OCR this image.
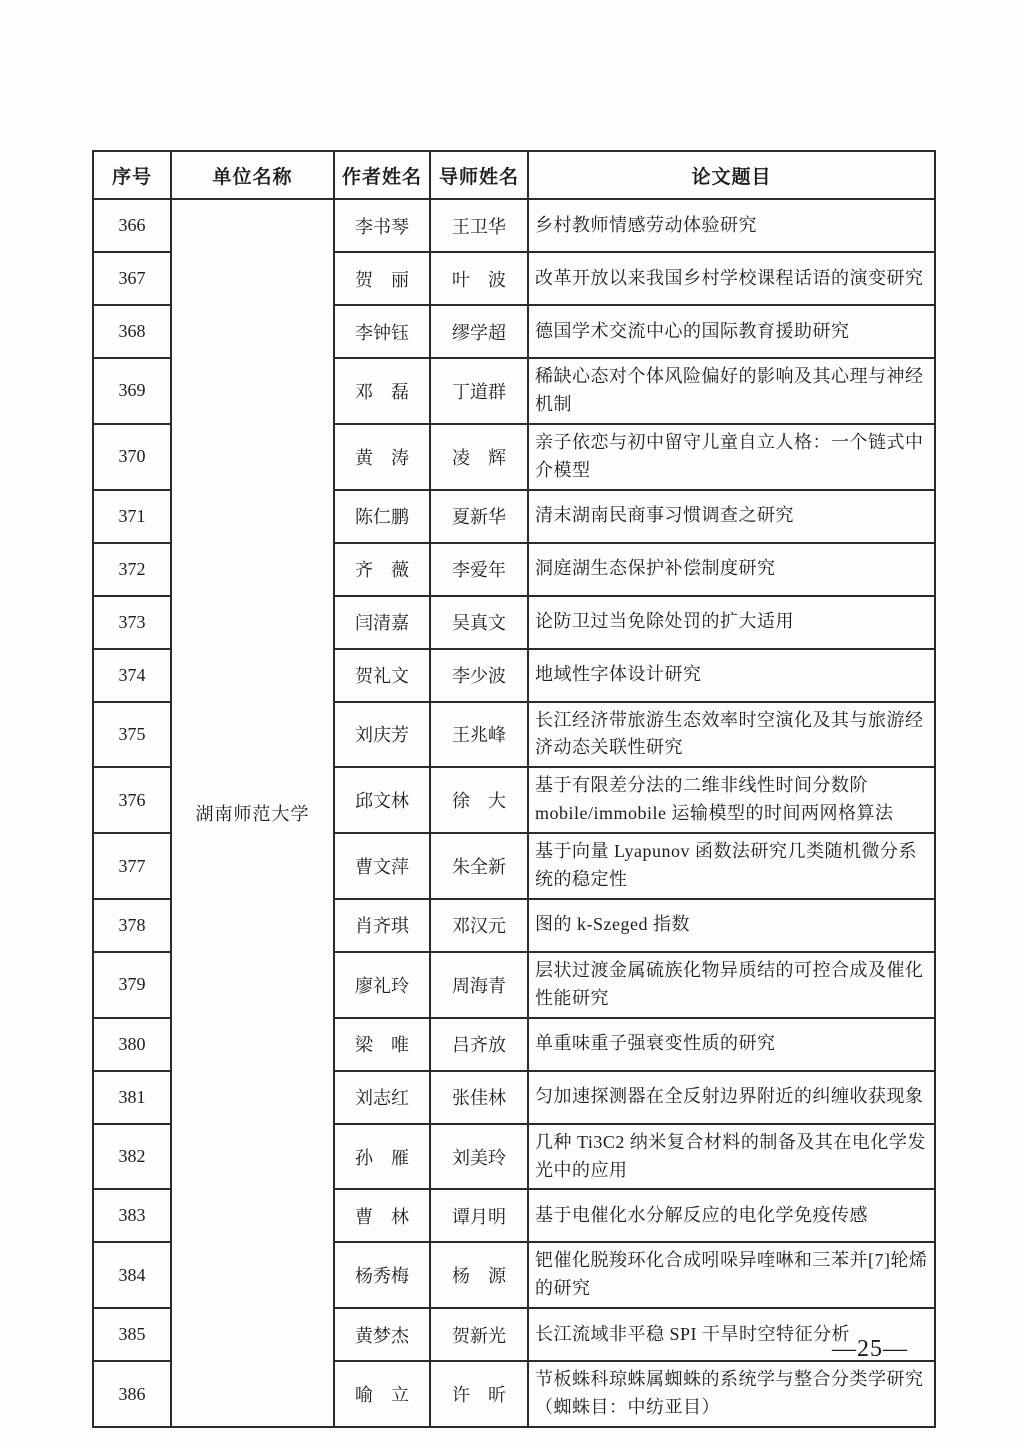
序号	单位名称	作者姓名	导师姓名	论文题目
366	湖南师范大学	李书琴	王卫华	乡村教师情感劳动体验研究
367		贺　丽	叶　波	改革开放以来我国乡村学校课程话语的演变研究
368		李钟钰	缪学超	德国学术交流中心的国际教育援助研究
369		邓　磊	丁道群	稀缺心态对个体风险偏好的影响及其心理与神经机制
370		黄　涛	凌　辉	亲子依恋与初中留守儿童自立人格：一个链式中介模型
371		陈仁鹏	夏新华	清末湖南民商事习惯调查之研究
372		齐　薇	李爱年	洞庭湖生态保护补偿制度研究
373		闫清嘉	吴真文	论防卫过当免除处罚的扩大适用
374		贺礼文	李少波	地域性字体设计研究
375		刘庆芳	王兆峰	长江经济带旅游生态效率时空演化及其与旅游经济动态关联性研究
376		邱文林	徐　大	基于有限差分法的二维非线性时间分数阶 mobile/immobile 运输模型的时间两网格算法
377		曹文萍	朱全新	基于向量 Lyapunov 函数法研究几类随机微分系统的稳定性
378		肖齐琪	邓汉元	图的 k-Szeged 指数
379		廖礼玲	周海青	层状过渡金属硫族化物异质结的可控合成及催化性能研究
380		梁　唯	吕齐放	单重味重子强衰变性质的研究
381		刘志红	张佳林	匀加速探测器在全反射边界附近的纠缠收获现象
382		孙　雁	刘美玲	几种 Ti3C2 纳米复合材料的制备及其在电化学发光中的应用
383		曹　林	谭月明	基于电催化水分解反应的电化学免疫传感
384		杨秀梅	杨　源	钯催化脱羧环化合成吲哚异喹啉和三苯并[7]轮烯的研究
385		黄梦杰	贺新光	长江流域非平稳 SPI 干旱时空特征分析
386		喻　立	许　昕	节板蛛科琼蛛属蜘蛛的系统学与整合分类学研究（蜘蛛目：中纺亚目）
—25—
